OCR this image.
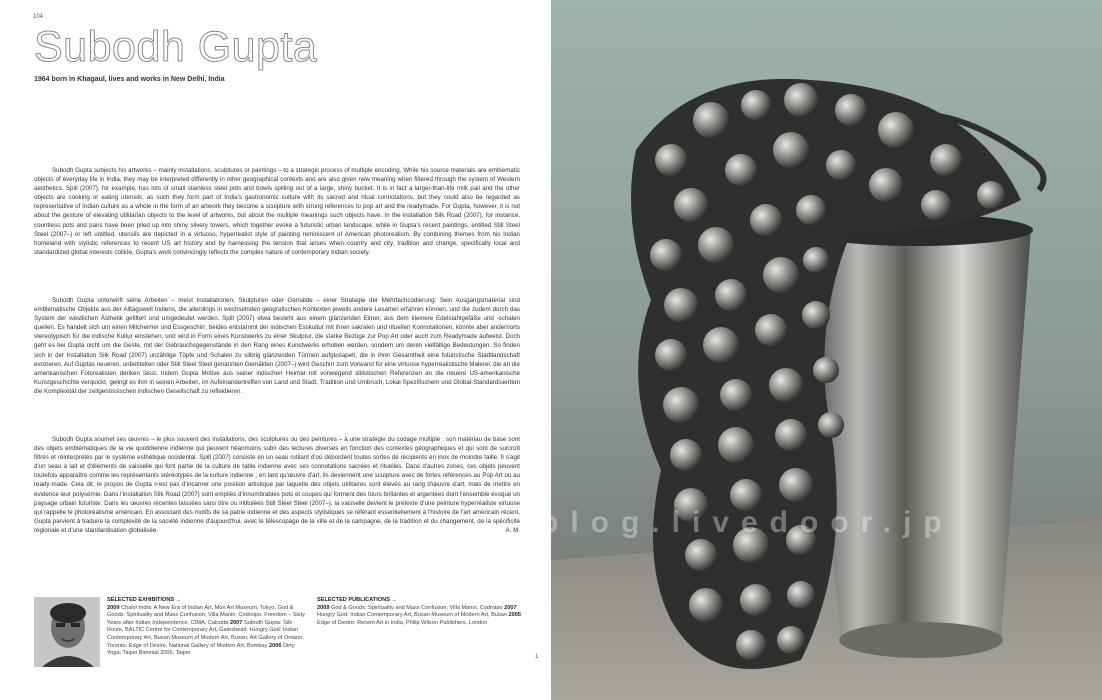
104
Subodh Gupta
1964 born in Khagaul, lives and works in New Delhi, India

Subodh Gupta subjects his artworks – mainly installations, sculptures or paintings – to a strategic process of multiple encoding. While his source materials are emblematic objects of everyday life in India, they may be interpreted differently in other geographical contexts and are also given new meaning when filtered through the system of Western aesthetics. Spill (2007), for example, has lots of small stainless steel pots and bowls spilling out of a large, shiny bucket. It is in fact a larger-than-life milk pail and the other objects are cooking or eating utensils; as such they form part of India's gastronomic culture with its sacred and ritual connotations, but they could also be regarded as representative of Indian culture as a whole in the form of an artwork they become a sculpture with strong references to pop art and the readymade. For Gupta, however, it is not about the gesture of elevating utilitarian objects to the level of artworks, but about the multiple meanings such objects have. In the installation Silk Road (2007), for instance, countless pots and pans have been piled up into shiny silvery towers, which together evoke a futuristic urban landscape, while in Gupta's recent paintings, entitled Still Steel Steel (2007–) or left untitled, utensils are depicted in a virtuoso, hyperrealist style of painting reminiscent of American photorealism. By combining themes from his Indian homeland with stylistic references to recent US art history and by harnessing the tension that arises when country and city, tradition and change, specifically local and standardized global interests collide, Gupta's work convincingly reflects the complex nature of contemporary Indian society.

Subodh Gupta unterwirft seine Arbeiten – meist Installationen, Skulpturen oder Gemälde – einer Strategie der Mehrfachcodierung: Sein Ausgangsmaterial sind emblematische Objekte aus der Alltagswelt Indiens, die allerdings in wechselnden geografischen Kontexten jeweils andere Lesarten erfahren können, und die zudem durch das System der westlichen Ästhetik gefiltert und umgedeutet werden. Spill (2007) etwa besteht aus einem glänzenden Eimer, aus dem kleinere Edelstahlgefäße und -schalen quellen. Es handelt sich um einen Milcheimer und Essgeschirr; beides entstammt der indischen Esskultur mit ihren sakralen und rituellen Konnotationen, könnte aber andernorts stereotypisch für die indische Kultur einstehen, und wird in Form eines Kunstwerks zu einer Skulptur, die starke Bezüge zur Pop Art oder auch zum Readymade aufweist. Doch geht es bei Gupta nicht um die Geste, mit der Gebrauchsgegenstände in den Rang eines Kunstwerks erhoben werden, sondern um deren vielfältige Bedeutungen. So finden sich in der Installation Silk Road (2007) unzählige Töpfe und Schalen zu silbrig glänzenden Türmen aufgestapelt, die in ihrer Gesamtheit eine futuristische Stadtlandschaft evozieren. Auf Guptas neueren, unbetitelten oder Still Steel Steel genannten Gemälden (2007–) wird Geschirr zum Vorwand für eine virtuose hyperrealistische Malerei, die an die amerikanischen Fotorealisten denken lässt. Indem Gupta Motive aus seiner indischen Heimat mit vorwiegend stilistischen Referenzen an die neuere US-amerikanische Kunstgeschichte verquickt, gelingt es ihm in seinen Arbeiten, im Aufeinandertreffen von Land und Stadt, Tradition und Umbruch, Lokal-Spezifischem und Global-Standardisiertem die Komplexität der zeitgenössischen indischen Gesellschaft zu reflektieren.

Subodh Gupta soumet ses œuvres – le plus souvent des installations, des sculptures ou des peintures – à une stratégie du codage multiple : son matériau de base sont des objets emblématiques de la vie quotidienne indienne qui peuvent néanmoins subir des lectures diverses en fonction des contextes géographiques et qui sont de surcroît filtrés et réinterprétés par le système esthétique occidental. Spill (2007) consiste en un seau rutilant d'où débordent toutes sortes de récipients en inox de moindre taille. Il s'agit d'un seau à lait et d'éléments de vaisselle qui font partie de la culture de table indienne avec ses connotations sacrées et rituelles. Dans d'autres zones, ces objets peuvent toutefois apparaître comme les représentants stéréotypés de la culture indienne ; en tant qu'œuvre d'art, ils deviennent une sculpture avec de fortes références au Pop Art ou au ready-made. Cela dit, le propos de Gupta n'est pas d'incarner une position artistique par laquelle des objets utilitaires sont élevés au rang d'œuvre d'art, mais de mettre en évidence leur polysémie. Dans l'installation Silk Road (2007) sont empilés d'innombrables pots et coupes qui forment des tours brillantes et argentées dont l'ensemble évoque un paysage urbain futuriste. Dans les œuvres récentes laissées sans titre ou intitulées Still Steel Steel (2007–), la vaisselle devient le prétexte d'une peinture hyperréaliste virtuose qui rappelle le photoréalisme américain. En associant des motifs de sa patrie indienne et des aspects stylistiques se référant essentiellement à l'histoire de l'art américain récent, Gupta parvient à traduire la complexité de la société indienne d'aujourd'hui, avec le télescopage de la ville et de la campagne, de la tradition et du changement, de la spécificité régionale et d'une standardisation globalisée.	A. M.

SELECTED EXHIBITIONS →
2009 Chalo! India: A New Era of Indian Art, Mori Art Museum, Tokyo. God & Goods: Spirituality and Mass Confusion, Villa Manin, Codroipo. Freedom – Sixty Years after Indian Independence, CIMA, Calcutta 2007 Subodh Gupta: Silk Route, BALTIC Centre for Contemporary Art, Gateshead. Hungry God: Indian Contemporary Art, Busan Museum of Modern Art, Busan; Art Gallery of Ontario, Toronto. Edge of Desire, National Gallery of Modern Art, Bombay 2006 Dirty Yoga, Taipei Biennial 2006, Taipei
SELECTED PUBLICATIONS →
2009 God & Goods: Spirituality and Mass Confusion, Villa Manin, Codroipo 2007 Hungry God: Indian Contemporary Art, Busan Museum of Modern Art, Busan 2005 Edge of Desire: Recent Art in India, Philip Wilson Publishers, London
1
blog.livedoor.jp
